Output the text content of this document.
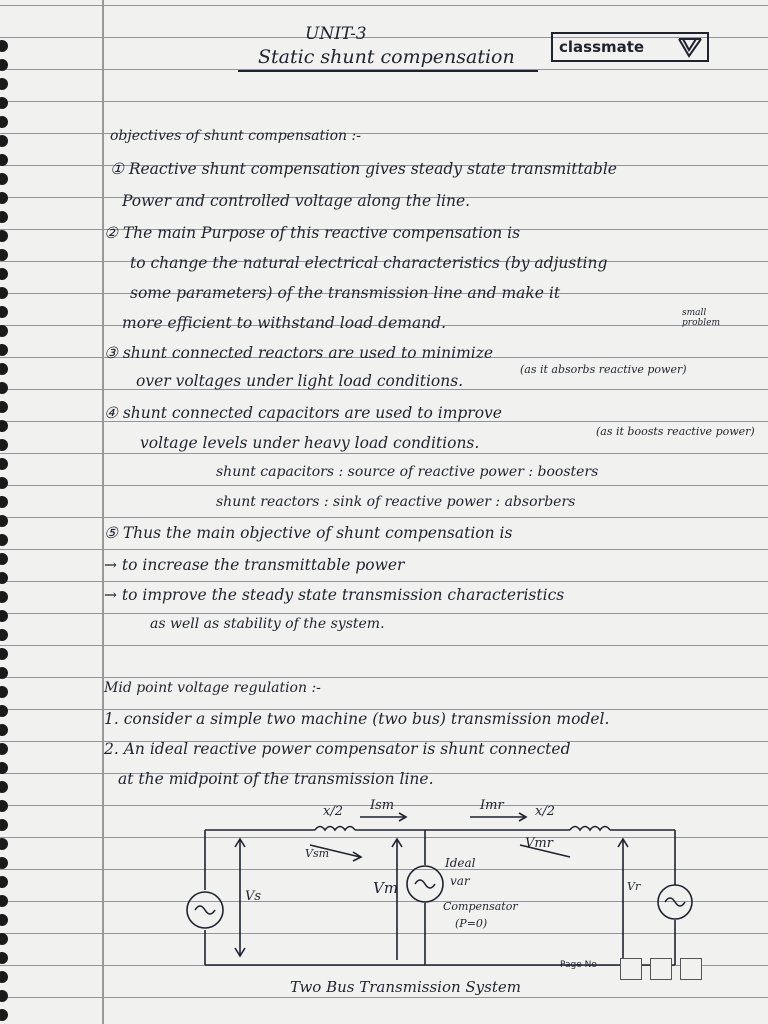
UNIT-3
Static shunt compensation	classmate
objectives of shunt compensation :-
① Reactive shunt compensation gives steady state transmittable
Power and controlled voltage along the line.
② The main Purpose of this reactive compensation is
to change the natural electrical characteristics (by adjusting
some parameters) of the transmission line and make it
more efficient to withstand load demand.
small problem
③ shunt connected reactors are used to minimize
over voltages under light load conditions.
(as it absorbs reactive power)
④ shunt connected capacitors are used to improve
voltage levels under heavy load conditions.
(as it boosts reactive power)
shunt capacitors : source of reactive power : boosters
shunt reactors : sink of reactive power : absorbers
⑤ Thus the main objective of shunt compensation is
→ to increase the transmittable power
→ to improve the steady state transmission characteristics
as well as stability of the system.
Mid point voltage regulation :-
1. consider a simple two machine (two bus) transmission model.
2. An ideal reactive power compensator is shunt connected
at the midpoint of the transmission line.
x/2 Ism	Imr x/2
Vsm
Vmr
Vs	Vm	Vr
Ideal
var
Compensator
(P=0)
Two Bus Transmission System
Page No
